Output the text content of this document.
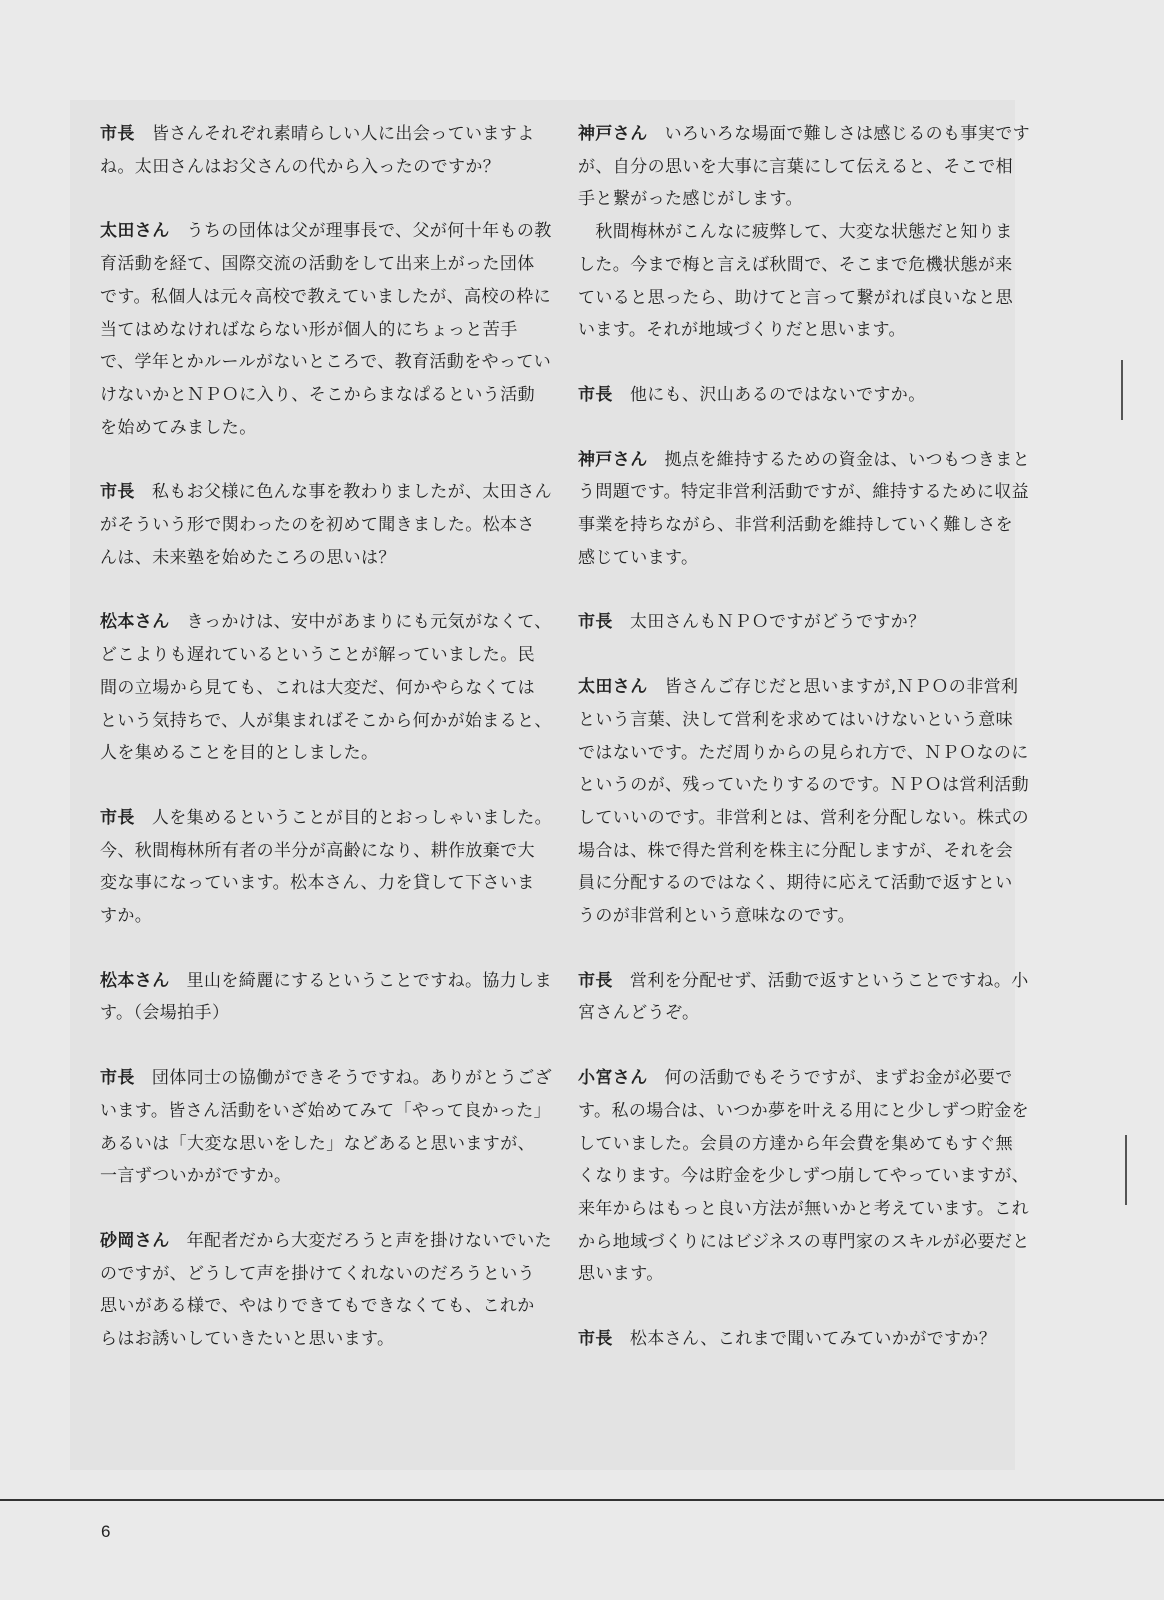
市長 皆さんそれぞれ素晴らしい人に出会っていますよね。太田さんはお父さんの代から入ったのですか？

太田さん うちの団体は父が理事長で、父が何十年もの教育活動を経て、国際交流の活動をして出来上がった団体です。私個人は元々高校で教えていましたが、高校の枠に当てはめなければならない形が個人的にちょっと苦手で、学年とかルールがないところで、教育活動をやっていけないかとＮＰＯに入り、そこからまなぱるという活動を始めてみました。

市長 私もお父様に色んな事を教わりましたが、太田さんがそういう形で関わったのを初めて聞きました。松本さんは、未来塾を始めたころの思いは？

松本さん きっかけは、安中があまりにも元気がなくて、どこよりも遅れているということが解っていました。民間の立場から見ても、これは大変だ、何かやらなくてはという気持ちで、人が集まればそこから何かが始まると、人を集めることを目的としました。

市長 人を集めるということが目的とおっしゃいました。今、秋間梅林所有者の半分が高齢になり、耕作放棄で大変な事になっています。松本さん、力を貸して下さいますか。

松本さん 里山を綺麗にするということですね。協力します。（会場拍手）

市長 団体同士の協働ができそうですね。ありがとうございます。皆さん活動をいざ始めてみて「やって良かった」あるいは「大変な思いをした」などあると思いますが、一言ずついかがですか。

砂岡さん 年配者だから大変だろうと声を掛けないでいたのですが、どうして声を掛けてくれないのだろうという思いがある様で、やはりできてもできなくても、これからはお誘いしていきたいと思います。

神戸さん いろいろな場面で難しさは感じるのも事実ですが、自分の思いを大事に言葉にして伝えると、そこで相手と繋がった感じがします。

　秋間梅林がこんなに疲弊して、大変な状態だと知りました。今まで梅と言えば秋間で、そこまで危機状態が来ていると思ったら、助けてと言って繋がれば良いなと思います。それが地域づくりだと思います。

市長 他にも、沢山あるのではないですか。

神戸さん 拠点を維持するための資金は、いつもつきまとう問題です。特定非営利活動ですが、維持するために収益事業を持ちながら、非営利活動を維持していく難しさを感じています。

市長 太田さんもＮＰＯですがどうですか？

太田さん 皆さんご存じだと思いますが,ＮＰＯの非営利という言葉、決して営利を求めてはいけないという意味ではないです。ただ周りからの見られ方で、ＮＰＯなのにというのが、残っていたりするのです。ＮＰＯは営利活動していいのです。非営利とは、営利を分配しない。株式の場合は、株で得た営利を株主に分配しますが、それを会員に分配するのではなく、期待に応えて活動で返すというのが非営利という意味なのです。

市長 営利を分配せず、活動で返すということですね。小宮さんどうぞ。

小宮さん 何の活動でもそうですが、まずお金が必要です。私の場合は、いつか夢を叶える用にと少しずつ貯金をしていました。会員の方達から年会費を集めてもすぐ無くなります。今は貯金を少しずつ崩してやっていますが、来年からはもっと良い方法が無いかと考えています。これから地域づくりにはビジネスの専門家のスキルが必要だと思います。

市長 松本さん、これまで聞いてみていかがですか？

6
